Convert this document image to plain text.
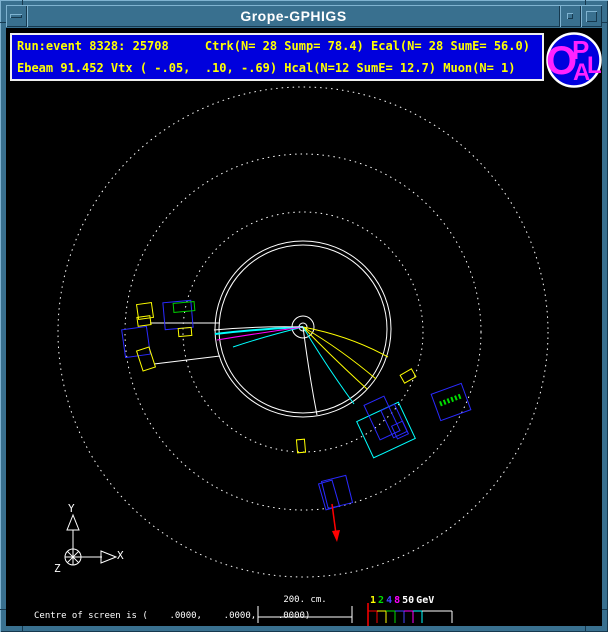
Grope-GPHIGS
Run:event 8328: 25708     Ctrk(N= 28 Sump= 78.4) Ecal(N= 28 SumE= 56.0)
Ebeam 91.452 Vtx ( -.05,  .10, -.69) Hcal(N=12 SumE= 12.7) Muon(N= 1) O
P
A
L
Centre of screen is (    .0000,    .0000,    .0000)
200. cm.	1 2 4 8 50 GeV
Y
X
Z
